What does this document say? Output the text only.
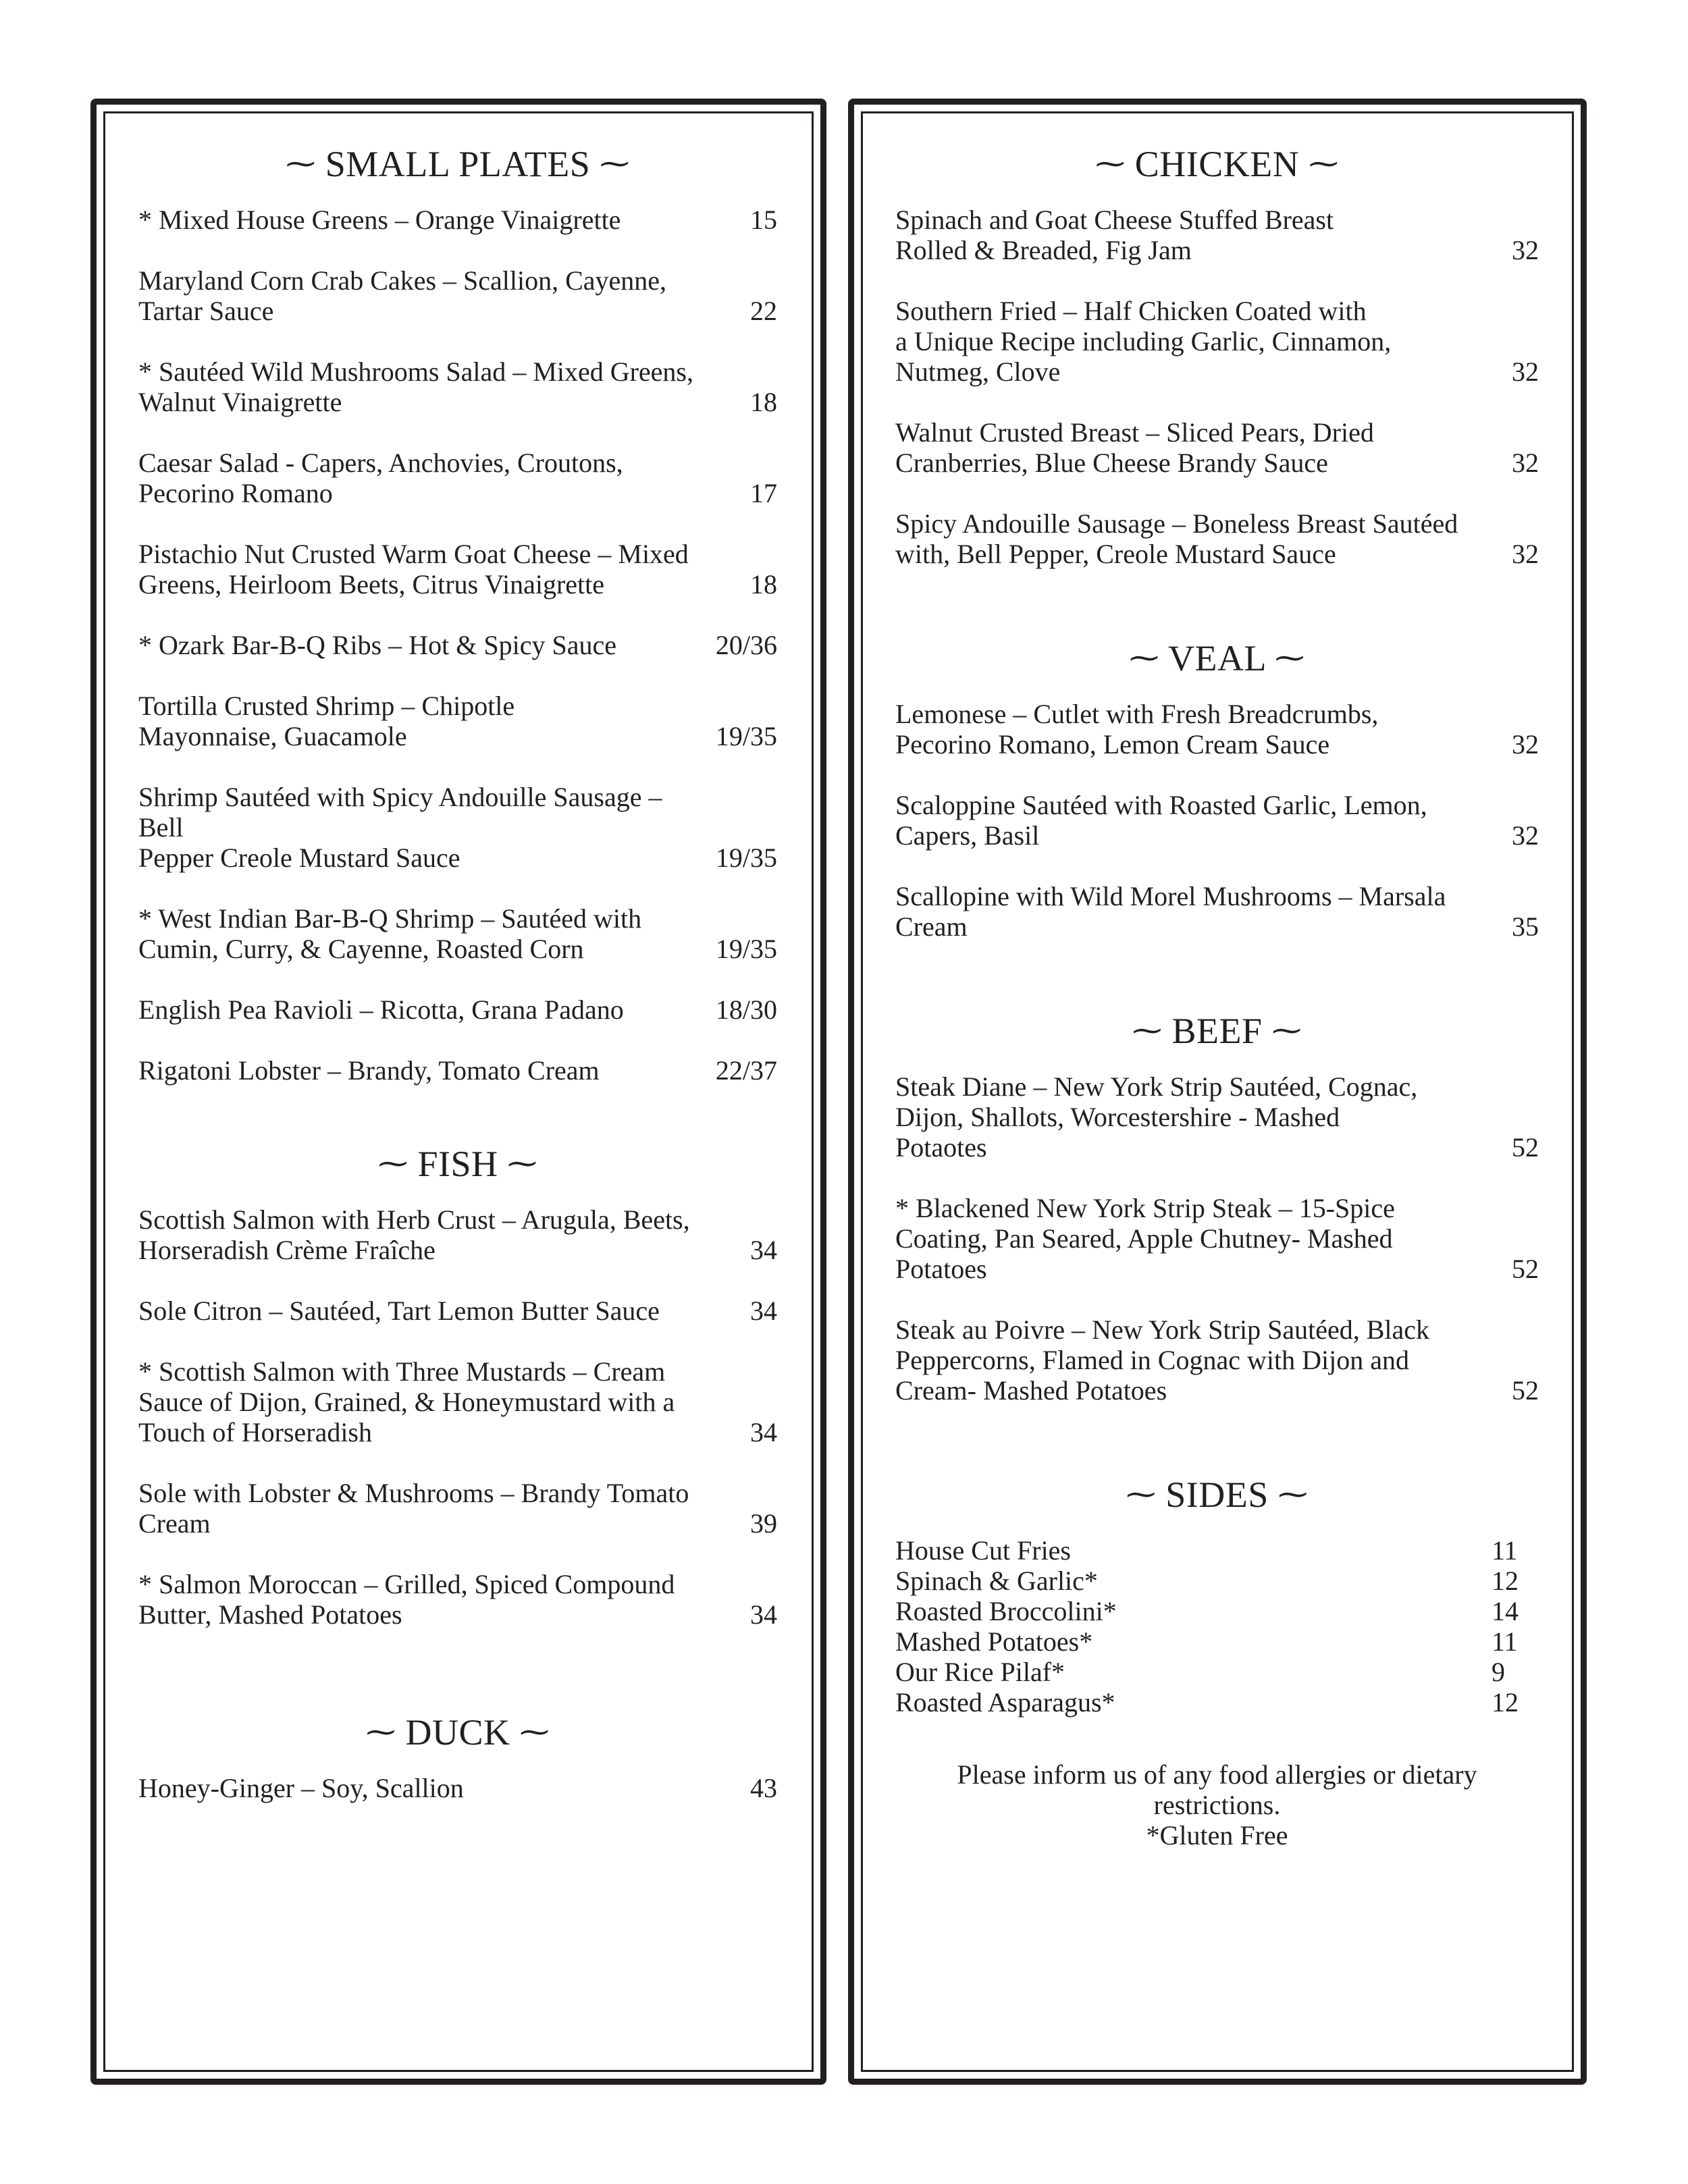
⁓ SMALL PLATES ⁓
* Mixed House Greens – Orange Vinaigrette	15
Maryland Corn Crab Cakes – Scallion, Cayenne,
Tartar Sauce	22
* Sautéed Wild Mushrooms Salad – Mixed Greens,
Walnut Vinaigrette	18
Caesar Salad - Capers, Anchovies, Croutons,
Pecorino Romano	17
Pistachio Nut Crusted Warm Goat Cheese – Mixed
Greens, Heirloom Beets, Citrus Vinaigrette	18
* Ozark Bar-B-Q Ribs – Hot & Spicy Sauce	20/36
Tortilla Crusted Shrimp – Chipotle
Mayonnaise, Guacamole	19/35
Shrimp Sautéed with Spicy Andouille Sausage – Bell
Pepper Creole Mustard Sauce	19/35
* West Indian Bar-B-Q Shrimp – Sautéed with
Cumin, Curry, & Cayenne, Roasted Corn	19/35
English Pea Ravioli – Ricotta, Grana Padano	18/30
Rigatoni Lobster – Brandy, Tomato Cream	22/37
⁓ FISH ⁓
Scottish Salmon with Herb Crust – Arugula, Beets,
Horseradish Crème Fraîche	34
Sole Citron – Sautéed, Tart Lemon Butter Sauce	34
* Scottish Salmon with Three Mustards – Cream
Sauce of Dijon, Grained, & Honeymustard with a
Touch of Horseradish	34
Sole with Lobster & Mushrooms – Brandy Tomato
Cream	39
* Salmon Moroccan – Grilled, Spiced Compound
Butter, Mashed Potatoes	34
⁓ DUCK ⁓
Honey-Ginger – Soy, Scallion	43
⁓ CHICKEN ⁓
Spinach and Goat Cheese Stuffed Breast
Rolled & Breaded, Fig Jam	32
Southern Fried – Half Chicken Coated with
a Unique Recipe including Garlic, Cinnamon,
Nutmeg, Clove	32
Walnut Crusted Breast – Sliced Pears, Dried
Cranberries, Blue Cheese Brandy Sauce	32
Spicy Andouille Sausage – Boneless Breast Sautéed
with, Bell Pepper, Creole Mustard Sauce	32
⁓ VEAL ⁓
Lemonese – Cutlet with Fresh Breadcrumbs,
Pecorino Romano, Lemon Cream Sauce	32
Scaloppine Sautéed with Roasted Garlic, Lemon,
Capers, Basil	32
Scallopine with Wild Morel Mushrooms – Marsala
Cream	35
⁓ BEEF ⁓
Steak Diane – New York Strip Sautéed, Cognac,
Dijon, Shallots, Worcestershire - Mashed
Potaotes	52
* Blackened New York Strip Steak – 15-Spice
Coating, Pan Seared, Apple Chutney- Mashed
Potatoes	52
Steak au Poivre – New York Strip Sautéed, Black
Peppercorns, Flamed in Cognac with Dijon and
Cream- Mashed Potatoes	52
⁓ SIDES ⁓
House Cut Fries	11
Spinach & Garlic*	12
Roasted Broccolini*	14
Mashed Potatoes*	11
Our Rice Pilaf*	9
Roasted Asparagus*	12
Please inform us of any food allergies or dietary
restrictions.
*Gluten Free
